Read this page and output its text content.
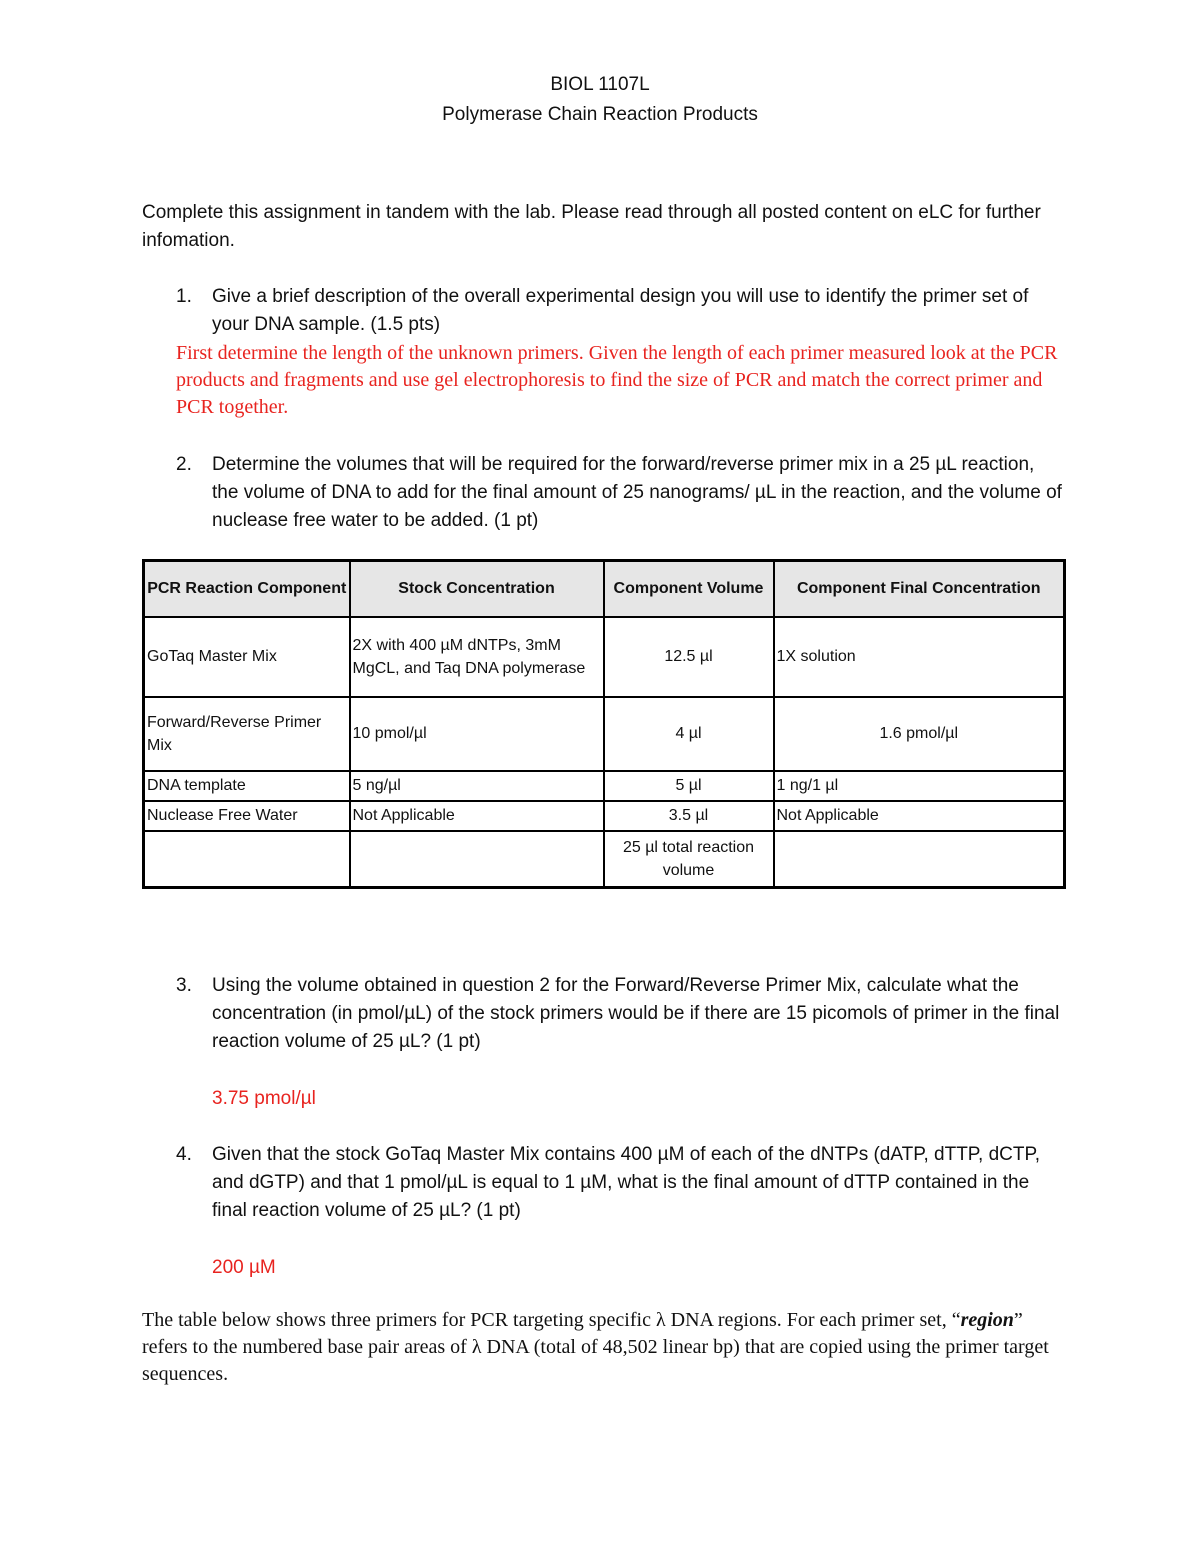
BIOL 1107L
Polymerase Chain Reaction Products

Complete this assignment in tandem with the lab. Please read through all posted content on eLC for further infomation.

1. Give a brief description of the overall experimental design you will use to identify the primer set of your DNA sample. (1.5 pts)

First determine the length of the unknown primers. Given the length of each primer measured look at the PCR products and fragments and use gel electrophoresis to find the size of PCR and match the correct primer and PCR together.

2. Determine the volumes that will be required for the forward/reverse primer mix in a 25 µL reaction, the volume of DNA to add for the final amount of 25 nanograms/ µL in the reaction, and the volume of nuclease free water to be added. (1 pt)

PCR Reaction Component	Stock Concentration	Component Volume	Component Final Concentration
GoTaq Master Mix	2X with 400 µM dNTPs, 3mM MgCL, and Taq DNA polymerase	12.5 µl	1X solution
Forward/Reverse Primer Mix	10 pmol/µl	4 µl	1.6 pmol/µl
DNA template	5 ng/µl	5 µl	1 ng/1 µl
Nuclease Free Water	Not Applicable	3.5 µl	Not Applicable
		25 µl total reaction volume	
3. Using the volume obtained in question 2 for the Forward/Reverse Primer Mix, calculate what the concentration (in pmol/µL) of the stock primers would be if there are 15 picomols of primer in the final reaction volume of 25 µL? (1 pt)

3.75 pmol/µl

4. Given that the stock GoTaq Master Mix contains 400 µM of each of the dNTPs (dATP, dTTP, dCTP, and dGTP) and that 1 pmol/µL is equal to 1 µM, what is the final amount of dTTP contained in the final reaction volume of 25 µL? (1 pt)

200 µM

The table below shows three primers for PCR targeting specific λ DNA regions. For each primer set, “region” refers to the numbered base pair areas of λ DNA (total of 48,502 linear bp) that are copied using the primer target sequences.
